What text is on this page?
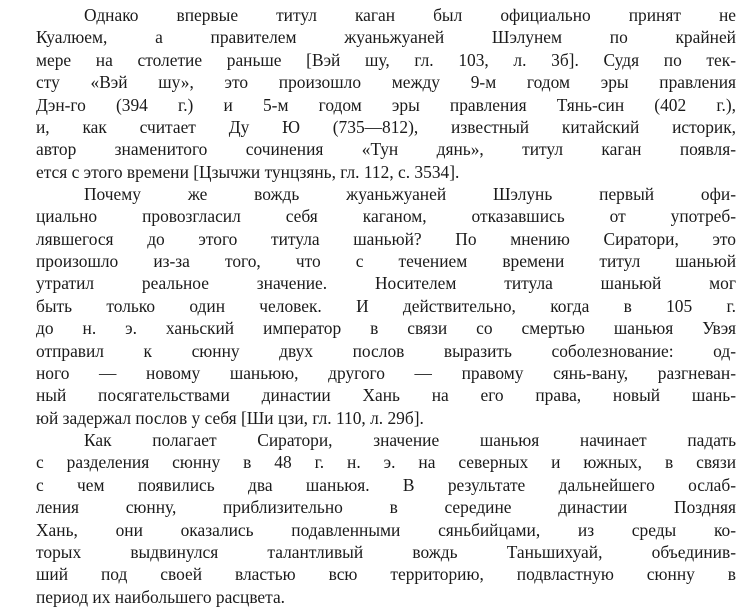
Однако впервые титул каган был официально принят не
Куалюем, а правителем жуаньжуаней Шэлунем по крайней
мере на столетие раньше [Вэй шу, гл. 103, л. 3б]. Судя по тек-
сту «Вэй шу», это произошло между 9-м годом эры правления
Дэн-го (394 г.) и 5-м годом эры правления Тянь-син (402 г.),
и, как считает Ду Ю (735—812), известный китайский историк,
автор знаменитого сочинения «Тун дянь», титул каган появля-
ется с этого времени [Цзычжи тунцзянь, гл. 112, с. 3534].
Почему же вождь жуаньжуаней Шэлунь первый офи-
циально провозгласил себя каганом, отказавшись от употреб-
лявшегося до этого титула шаньюй? По мнению Сиратори, это
произошло из-за того, что с течением времени титул шаньюй
утратил реальное значение. Носителем титула шаньюй мог
быть только один человек. И действительно, когда в 105 г.
до н. э. ханьский император в связи со смертью шаньюя Увэя
отправил к сюнну двух послов выразить соболезнование: од-
ного — новому шаньюю, другого — правому сянь-вану, разгневан-
ный посягательствами династии Хань на его права, новый шань-
юй задержал послов у себя [Ши цзи, гл. 110, л. 29б].
Как полагает Сиратори, значение шаньюя начинает падать
с разделения сюнну в 48 г. н. э. на северных и южных, в связи
с чем появились два шаньюя. В результате дальнейшего ослаб-
ления сюнну, приблизительно в середине династии Поздняя
Хань, они оказались подавленными сяньбийцами, из среды ко-
торых выдвинулся талантливый вождь Таньшихуай, объединив-
ший под своей властью всю территорию, подвластную сюнну в
период их наибольшего расцвета.
